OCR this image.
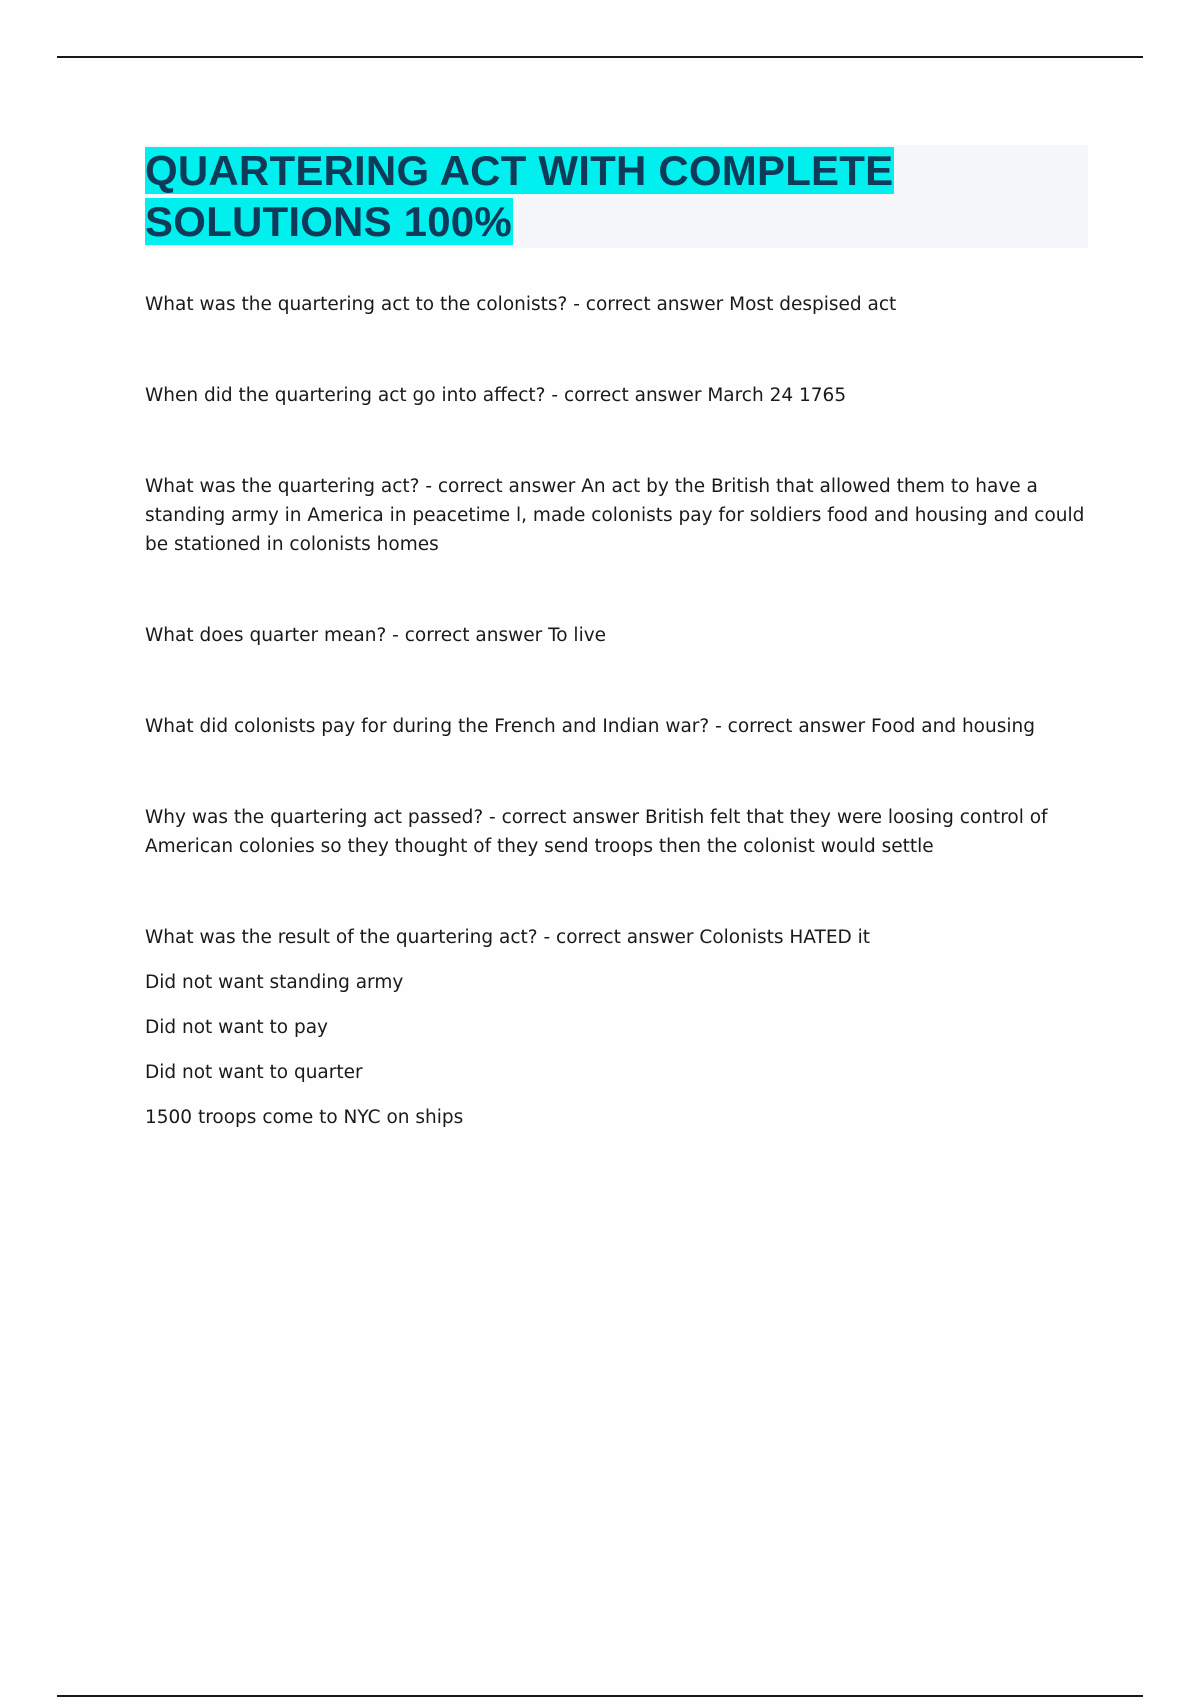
QUARTERING ACT WITH COMPLETE
SOLUTIONS 100%

What was the quartering act to the colonists? - correct answer Most despised act

When did the quartering act go into affect? - correct answer March 24 1765

What was the quartering act? - correct answer An act by the British that allowed them to have a standing army in America in peacetime l, made colonists pay for soldiers food and housing and could be stationed in colonists homes

What does quarter mean? - correct answer To live

What did colonists pay for during the French and Indian war? - correct answer Food and housing

Why was the quartering act passed? - correct answer British felt that they were loosing control of American colonies so they thought of they send troops then the colonist would settle

What was the result of the quartering act? - correct answer Colonists HATED it

Did not want standing army

Did not want to pay

Did not want to quarter

1500 troops come to NYC on ships
